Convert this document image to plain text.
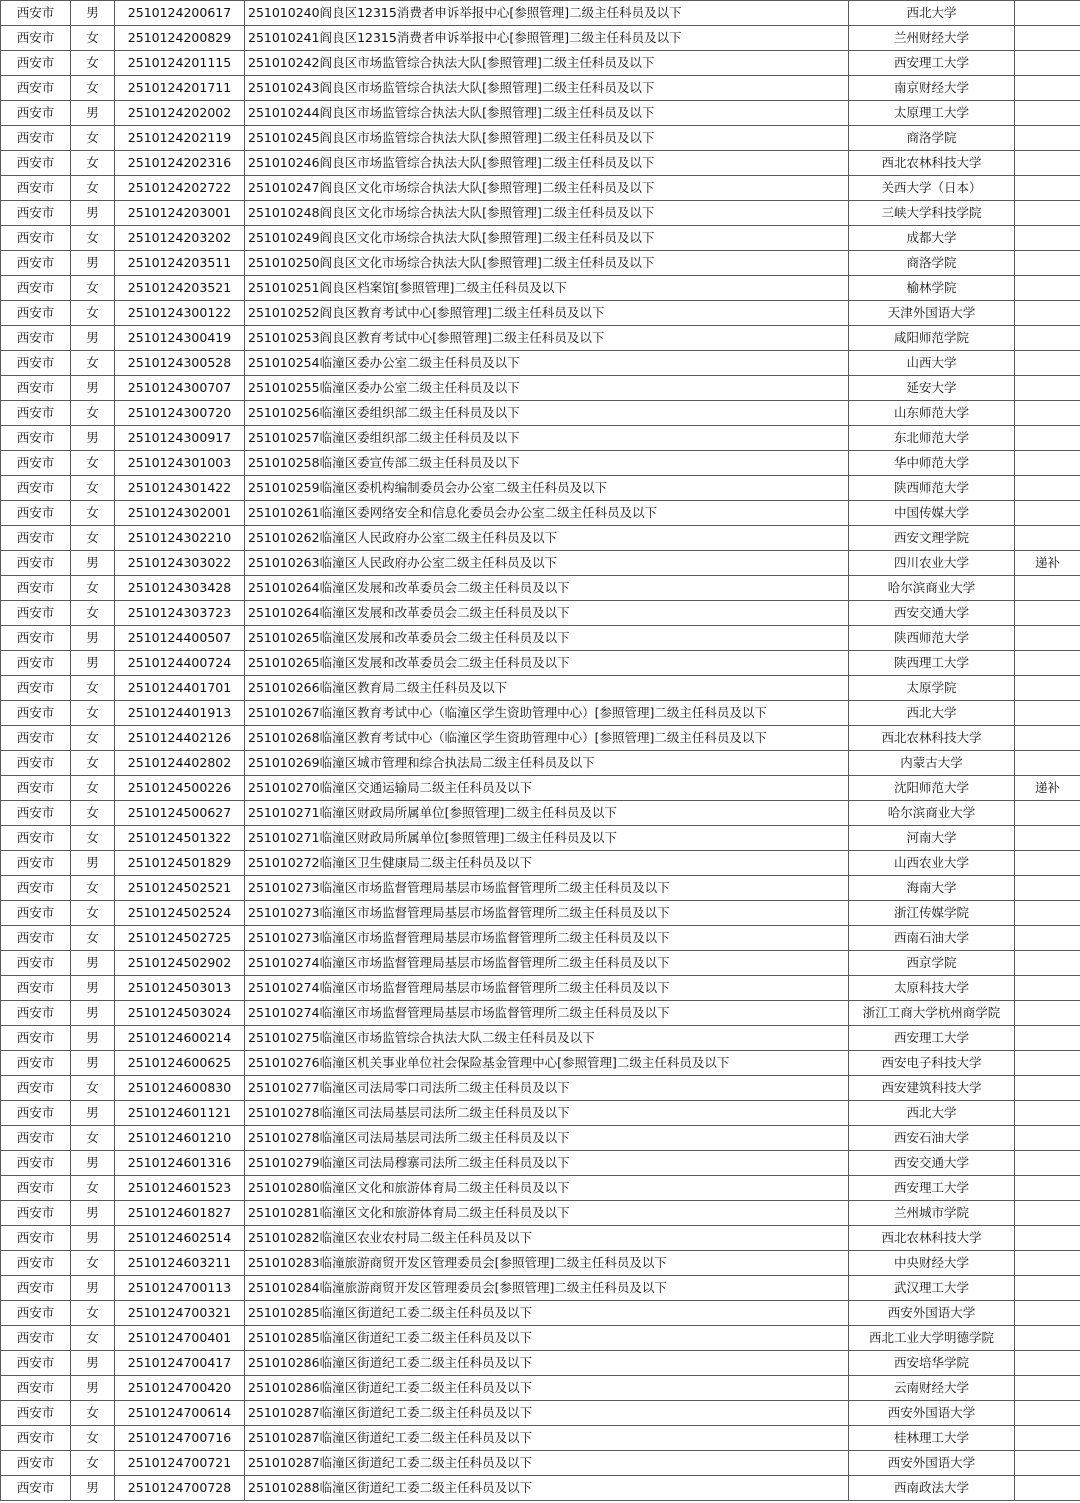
西安市	男	2510124200617	251010240阎良区12315消费者申诉举报中心[参照管理]二级主任科员及以下	西北大学	
西安市	女	2510124200829	251010241阎良区12315消费者申诉举报中心[参照管理]二级主任科员及以下	兰州财经大学	
西安市	女	2510124201115	251010242阎良区市场监管综合执法大队[参照管理]二级主任科员及以下	西安理工大学	
西安市	女	2510124201711	251010243阎良区市场监管综合执法大队[参照管理]二级主任科员及以下	南京财经大学	
西安市	男	2510124202002	251010244阎良区市场监管综合执法大队[参照管理]二级主任科员及以下	太原理工大学	
西安市	女	2510124202119	251010245阎良区市场监管综合执法大队[参照管理]二级主任科员及以下	商洛学院	
西安市	女	2510124202316	251010246阎良区市场监管综合执法大队[参照管理]二级主任科员及以下	西北农林科技大学	
西安市	女	2510124202722	251010247阎良区文化市场综合执法大队[参照管理]二级主任科员及以下	关西大学（日本）	
西安市	男	2510124203001	251010248阎良区文化市场综合执法大队[参照管理]二级主任科员及以下	三峡大学科技学院	
西安市	女	2510124203202	251010249阎良区文化市场综合执法大队[参照管理]二级主任科员及以下	成都大学	
西安市	男	2510124203511	251010250阎良区文化市场综合执法大队[参照管理]二级主任科员及以下	商洛学院	
西安市	女	2510124203521	251010251阎良区档案馆[参照管理]二级主任科员及以下	榆林学院	
西安市	女	2510124300122	251010252阎良区教育考试中心[参照管理]二级主任科员及以下	天津外国语大学	
西安市	男	2510124300419	251010253阎良区教育考试中心[参照管理]二级主任科员及以下	咸阳师范学院	
西安市	女	2510124300528	251010254临潼区委办公室二级主任科员及以下	山西大学	
西安市	男	2510124300707	251010255临潼区委办公室二级主任科员及以下	延安大学	
西安市	女	2510124300720	251010256临潼区委组织部二级主任科员及以下	山东师范大学	
西安市	男	2510124300917	251010257临潼区委组织部二级主任科员及以下	东北师范大学	
西安市	女	2510124301003	251010258临潼区委宣传部二级主任科员及以下	华中师范大学	
西安市	女	2510124301422	251010259临潼区委机构编制委员会办公室二级主任科员及以下	陕西师范大学	
西安市	女	2510124302001	251010261临潼区委网络安全和信息化委员会办公室二级主任科员及以下	中国传媒大学	
西安市	女	2510124302210	251010262临潼区人民政府办公室二级主任科员及以下	西安文理学院	
西安市	男	2510124303022	251010263临潼区人民政府办公室二级主任科员及以下	四川农业大学	递补
西安市	女	2510124303428	251010264临潼区发展和改革委员会二级主任科员及以下	哈尔滨商业大学	
西安市	女	2510124303723	251010264临潼区发展和改革委员会二级主任科员及以下	西安交通大学	
西安市	男	2510124400507	251010265临潼区发展和改革委员会二级主任科员及以下	陕西师范大学	
西安市	男	2510124400724	251010265临潼区发展和改革委员会二级主任科员及以下	陕西理工大学	
西安市	女	2510124401701	251010266临潼区教育局二级主任科员及以下	太原学院	
西安市	女	2510124401913	251010267临潼区教育考试中心（临潼区学生资助管理中心）[参照管理]二级主任科员及以下	西北大学	
西安市	女	2510124402126	251010268临潼区教育考试中心（临潼区学生资助管理中心）[参照管理]二级主任科员及以下	西北农林科技大学	
西安市	女	2510124402802	251010269临潼区城市管理和综合执法局二级主任科员及以下	内蒙古大学	
西安市	女	2510124500226	251010270临潼区交通运输局二级主任科员及以下	沈阳师范大学	递补
西安市	女	2510124500627	251010271临潼区财政局所属单位[参照管理]二级主任科员及以下	哈尔滨商业大学	
西安市	女	2510124501322	251010271临潼区财政局所属单位[参照管理]二级主任科员及以下	河南大学	
西安市	男	2510124501829	251010272临潼区卫生健康局二级主任科员及以下	山西农业大学	
西安市	女	2510124502521	251010273临潼区市场监督管理局基层市场监督管理所二级主任科员及以下	海南大学	
西安市	女	2510124502524	251010273临潼区市场监督管理局基层市场监督管理所二级主任科员及以下	浙江传媒学院	
西安市	女	2510124502725	251010273临潼区市场监督管理局基层市场监督管理所二级主任科员及以下	西南石油大学	
西安市	男	2510124502902	251010274临潼区市场监督管理局基层市场监督管理所二级主任科员及以下	西京学院	
西安市	男	2510124503013	251010274临潼区市场监督管理局基层市场监督管理所二级主任科员及以下	太原科技大学	
西安市	男	2510124503024	251010274临潼区市场监督管理局基层市场监督管理所二级主任科员及以下	浙江工商大学杭州商学院	
西安市	男	2510124600214	251010275临潼区市场监管综合执法大队二级主任科员及以下	西安理工大学	
西安市	男	2510124600625	251010276临潼区机关事业单位社会保险基金管理中心[参照管理]二级主任科员及以下	西安电子科技大学	
西安市	女	2510124600830	251010277临潼区司法局零口司法所二级主任科员及以下	西安建筑科技大学	
西安市	男	2510124601121	251010278临潼区司法局基层司法所二级主任科员及以下	西北大学	
西安市	女	2510124601210	251010278临潼区司法局基层司法所二级主任科员及以下	西安石油大学	
西安市	男	2510124601316	251010279临潼区司法局穆寨司法所二级主任科员及以下	西安交通大学	
西安市	女	2510124601523	251010280临潼区文化和旅游体育局二级主任科员及以下	西安理工大学	
西安市	男	2510124601827	251010281临潼区文化和旅游体育局二级主任科员及以下	兰州城市学院	
西安市	男	2510124602514	251010282临潼区农业农村局二级主任科员及以下	西北农林科技大学	
西安市	女	2510124603211	251010283临潼旅游商贸开发区管理委员会[参照管理]二级主任科员及以下	中央财经大学	
西安市	男	2510124700113	251010284临潼旅游商贸开发区管理委员会[参照管理]二级主任科员及以下	武汉理工大学	
西安市	女	2510124700321	251010285临潼区街道纪工委二级主任科员及以下	西安外国语大学	
西安市	女	2510124700401	251010285临潼区街道纪工委二级主任科员及以下	西北工业大学明德学院	
西安市	男	2510124700417	251010286临潼区街道纪工委二级主任科员及以下	西安培华学院	
西安市	男	2510124700420	251010286临潼区街道纪工委二级主任科员及以下	云南财经大学	
西安市	女	2510124700614	251010287临潼区街道纪工委二级主任科员及以下	西安外国语大学	
西安市	女	2510124700716	251010287临潼区街道纪工委二级主任科员及以下	桂林理工大学	
西安市	女	2510124700721	251010287临潼区街道纪工委二级主任科员及以下	西安外国语大学	
西安市	男	2510124700728	251010288临潼区街道纪工委二级主任科员及以下	西南政法大学	
